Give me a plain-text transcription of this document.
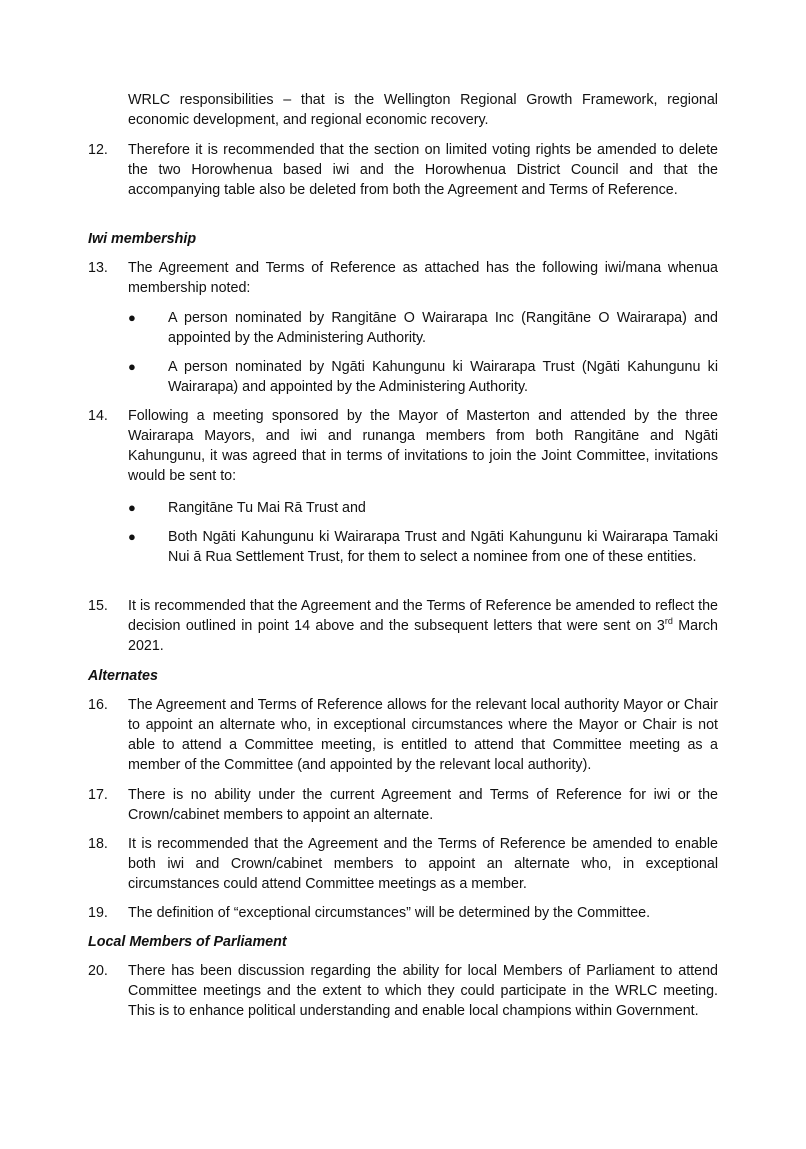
WRLC responsibilities – that is the Wellington Regional Growth Framework, regional economic development, and regional economic recovery.
12.	Therefore it is recommended that the section on limited voting rights be amended to delete the two Horowhenua based iwi and the Horowhenua District Council and that the accompanying table also be deleted from both the Agreement and Terms of Reference.
Iwi membership
13.	The Agreement and Terms of Reference as attached has the following iwi/mana whenua membership noted:
●	A person nominated by Rangitāne O Wairarapa Inc (Rangitāne O Wairarapa) and appointed by the Administering Authority.
●	A person nominated by Ngāti Kahungunu ki Wairarapa Trust (Ngāti Kahungunu ki Wairarapa) and appointed by the Administering Authority.
14.	Following a meeting sponsored by the Mayor of Masterton and attended by the three Wairarapa Mayors, and iwi and runanga members from both Rangitāne and Ngāti Kahungunu, it was agreed that in terms of invitations to join the Joint Committee, invitations would be sent to:
●	Rangitāne Tu Mai Rā Trust and
●	Both Ngāti Kahungunu ki Wairarapa Trust and Ngāti Kahungunu ki Wairarapa Tamaki Nui ā Rua Settlement Trust, for them to select a nominee from one of these entities.
15.	It is recommended that the Agreement and the Terms of Reference be amended to reflect the decision outlined in point 14 above and the subsequent letters that were sent on 3rd March 2021.
Alternates
16.	The Agreement and Terms of Reference allows for the relevant local authority Mayor or Chair to appoint an alternate who, in exceptional circumstances where the Mayor or Chair is not able to attend a Committee meeting, is entitled to attend that Committee meeting as a member of the Committee (and appointed by the relevant local authority).
17.	There is no ability under the current Agreement and Terms of Reference for iwi or the Crown/cabinet members to appoint an alternate.
18.	It is recommended that the Agreement and the Terms of Reference be amended to enable both iwi and Crown/cabinet members to appoint an alternate who, in exceptional circumstances could attend Committee meetings as a member.
19.	The definition of “exceptional circumstances” will be determined by the Committee.
Local Members of Parliament
20.	There has been discussion regarding the ability for local Members of Parliament to attend Committee meetings and the extent to which they could participate in the WRLC meeting. This is to enhance political understanding and enable local champions within Government.
